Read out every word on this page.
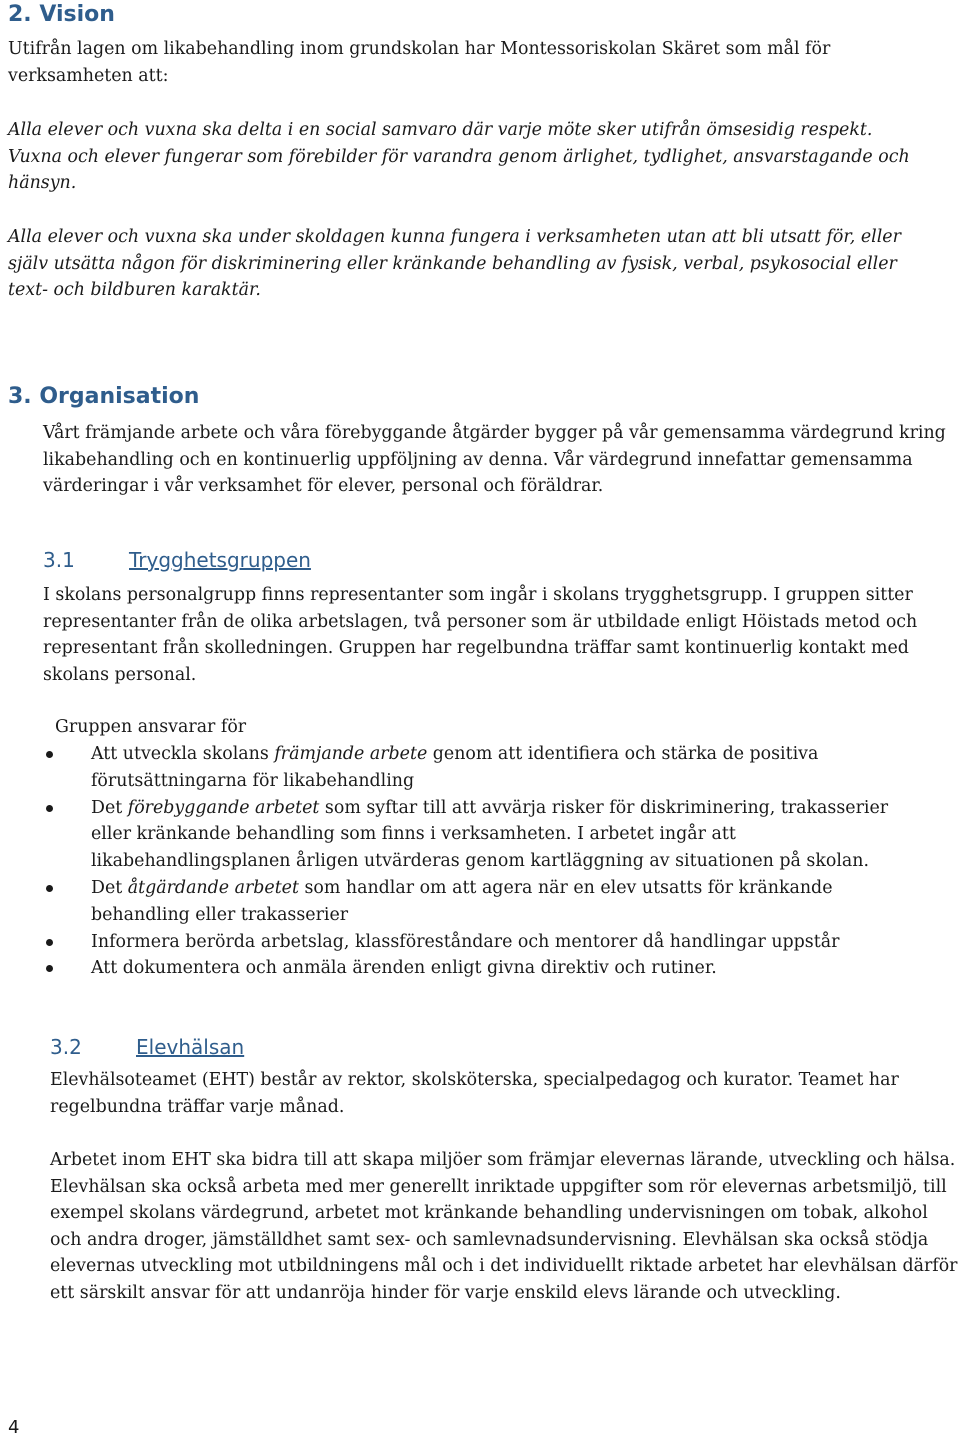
2. Vision

Utifrån lagen om likabehandling inom grundskolan har Montessoriskolan Skäret som mål för verksamheten att:

Alla elever och vuxna ska delta i en social samvaro där varje möte sker utifrån ömsesidig respekt. Vuxna och elever fungerar som förebilder för varandra genom ärlighet, tydlighet, ansvarstagande och hänsyn.

Alla elever och vuxna ska under skoldagen kunna fungera i verksamheten utan att bli utsatt för, eller själv utsätta någon för diskriminering eller kränkande behandling av fysisk, verbal, psykosocial eller text- och bildburen karaktär.

3. Organisation

Vårt främjande arbete och våra förebyggande åtgärder bygger på vår gemensamma värdegrund kring likabehandling och en kontinuerlig uppföljning av denna. Vår värdegrund innefattar gemensamma värderingar i vår verksamhet för elever, personal och föräldrar.

3.1	Trygghetsgruppen

I skolans personalgrupp finns representanter som ingår i skolans trygghetsgrupp. I gruppen sitter representanter från de olika arbetslagen, två personer som är utbildade enligt Höistads metod och representant från skolledningen. Gruppen har regelbundna träffar samt kontinuerlig kontakt med skolans personal.

Gruppen ansvarar för
Att utveckla skolans främjande arbete genom att identifiera och stärka de positiva förutsättningarna för likabehandling
Det förebyggande arbetet som syftar till att avvärja risker för diskriminering, trakasserier eller kränkande behandling som finns i verksamheten. I arbetet ingår att likabehandlingsplanen årligen utvärderas genom kartläggning av situationen på skolan.
Det åtgärdande arbetet som handlar om att agera när en elev utsatts för kränkande behandling eller trakasserier
Informera berörda arbetslag, klassföreståndare och mentorer då handlingar uppstår
Att dokumentera och anmäla ärenden enligt givna direktiv och rutiner.
3.2	Elevhälsan

Elevhälsoteamet (EHT) består av rektor, skolsköterska, specialpedagog och kurator. Teamet har regelbundna träffar varje månad.

Arbetet inom EHT ska bidra till att skapa miljöer som främjar elevernas lärande, utveckling och hälsa. Elevhälsan ska också arbeta med mer generellt inriktade uppgifter som rör elevernas arbetsmiljö, till exempel skolans värdegrund, arbetet mot kränkande behandling undervisningen om tobak, alkohol och andra droger, jämställdhet samt sex- och samlevnadsundervisning. Elevhälsan ska också stödja elevernas utveckling mot utbildningens mål och i det individuellt riktade arbetet har elevhälsan därför ett särskilt ansvar för att undanröja hinder för varje enskild elevs lärande och utveckling.

4
